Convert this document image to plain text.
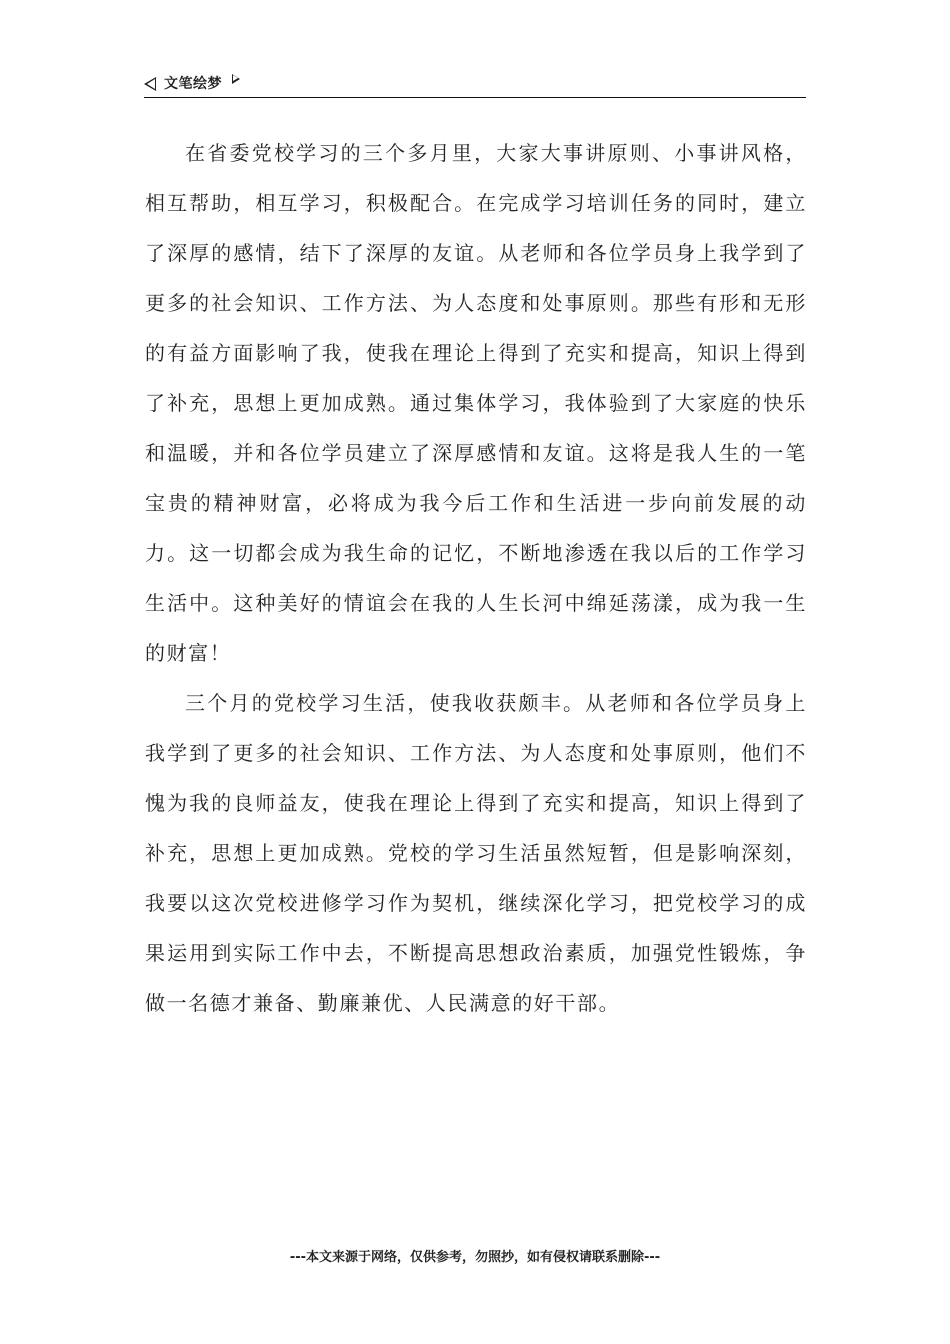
文笔绘梦

在省委党校学习的三个多月里，大家大事讲原则、小事讲风格，相互帮助，相互学习，积极配合。在完成学习培训任务的同时，建立了深厚的感情，结下了深厚的友谊。从老师和各位学员身上我学到了更多的社会知识、工作方法、为人态度和处事原则。那些有形和无形的有益方面影响了我，使我在理论上得到了充实和提高，知识上得到了补充，思想上更加成熟。通过集体学习，我体验到了大家庭的快乐和温暖，并和各位学员建立了深厚感情和友谊。这将是我人生的一笔宝贵的精神财富，必将成为我今后工作和生活进一步向前发展的动力。这一切都会成为我生命的记忆，不断地渗透在我以后的工作学习生活中。这种美好的情谊会在我的人生长河中绵延荡漾，成为我一生的财富！

三个月的党校学习生活，使我收获颇丰。从老师和各位学员身上我学到了更多的社会知识、工作方法、为人态度和处事原则，他们不愧为我的良师益友，使我在理论上得到了充实和提高，知识上得到了补充，思想上更加成熟。党校的学习生活虽然短暂，但是影响深刻，我要以这次党校进修学习作为契机，继续深化学习，把党校学习的成果运用到实际工作中去，不断提高思想政治素质，加强党性锻炼，争做一名德才兼备、勤廉兼优、人民满意的好干部。

---本文来源于网络，仅供参考，勿照抄，如有侵权请联系删除---
